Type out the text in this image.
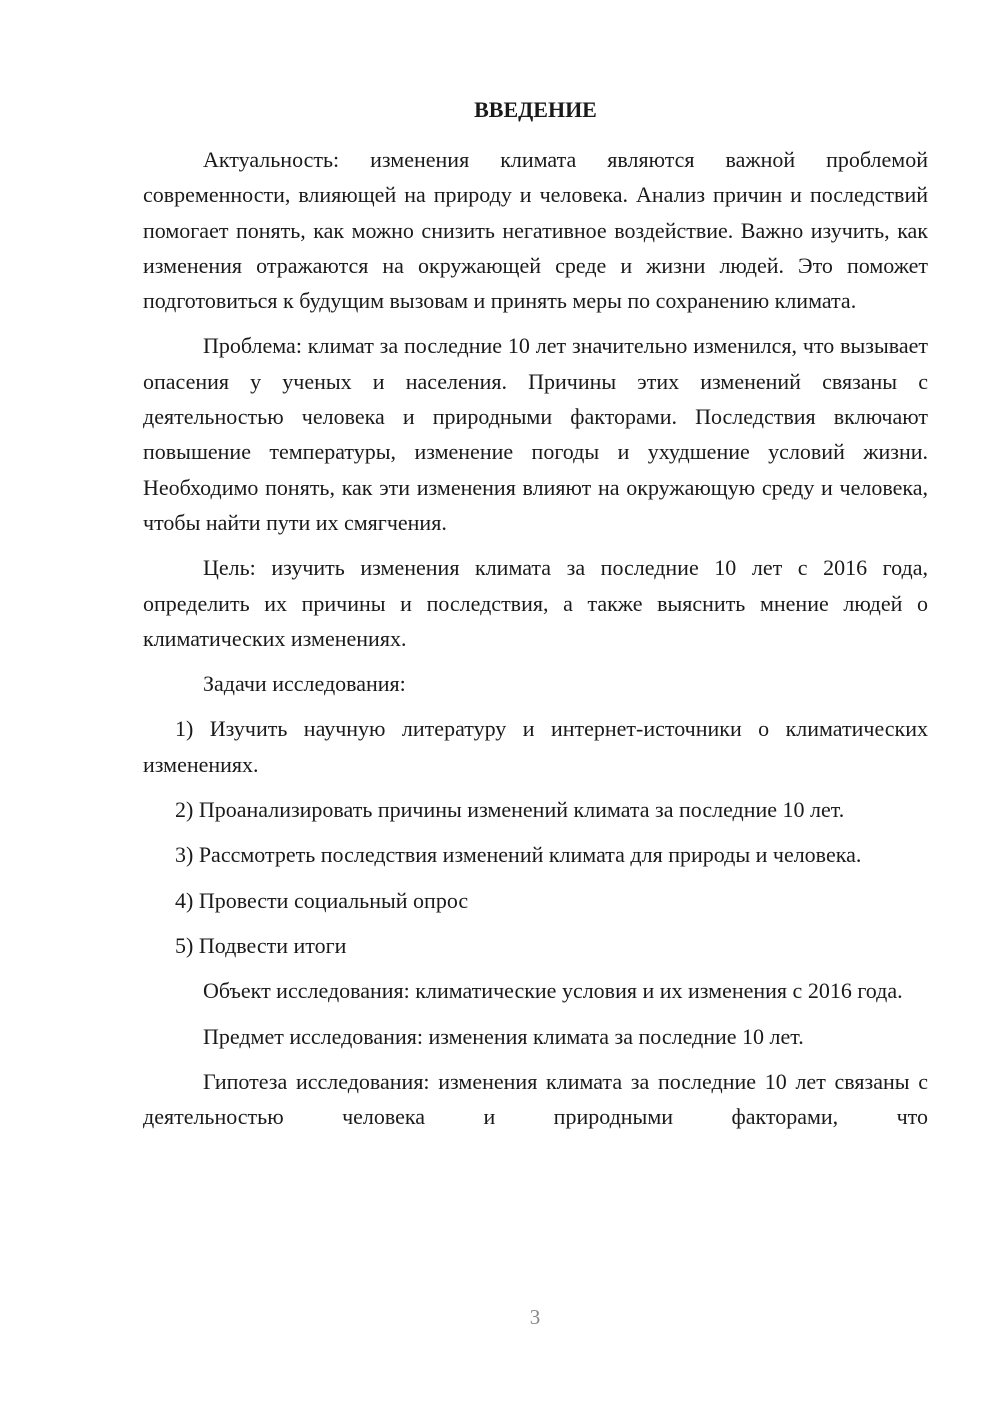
ВВЕДЕНИЕ

Актуальность: изменения климата являются важной проблемой современности, влияющей на природу и человека. Анализ причин и последствий помогает понять, как можно снизить негативное воздействие. Важно изучить, как изменения отражаются на окружающей среде и жизни людей. Это поможет подготовиться к будущим вызовам и принять меры по сохранению климата.

Проблема: климат за последние 10 лет значительно изменился, что вызывает опасения у ученых и населения. Причины этих изменений связаны с деятельностью человека и природными факторами. Последствия включают повышение температуры, изменение погоды и ухудшение условий жизни. Необходимо понять, как эти изменения влияют на окружающую среду и человека, чтобы найти пути их смягчения.

Цель: изучить изменения климата за последние 10 лет с 2016 года, определить их причины и последствия, а также выяснить мнение людей о климатических изменениях.

Задачи исследования:

1) Изучить научную литературу и интернет-источники о климатических изменениях.

2) Проанализировать причины изменений климата за последние 10 лет.

3) Рассмотреть последствия изменений климата для природы и человека.

4) Провести социальный опрос

5) Подвести итоги

Объект исследования: климатические условия и их изменения с 2016 года.

Предмет исследования: изменения климата за последние 10 лет.

Гипотеза исследования: изменения климата за последние 10 лет связаны с деятельностью человека и природными факторами, что

3
